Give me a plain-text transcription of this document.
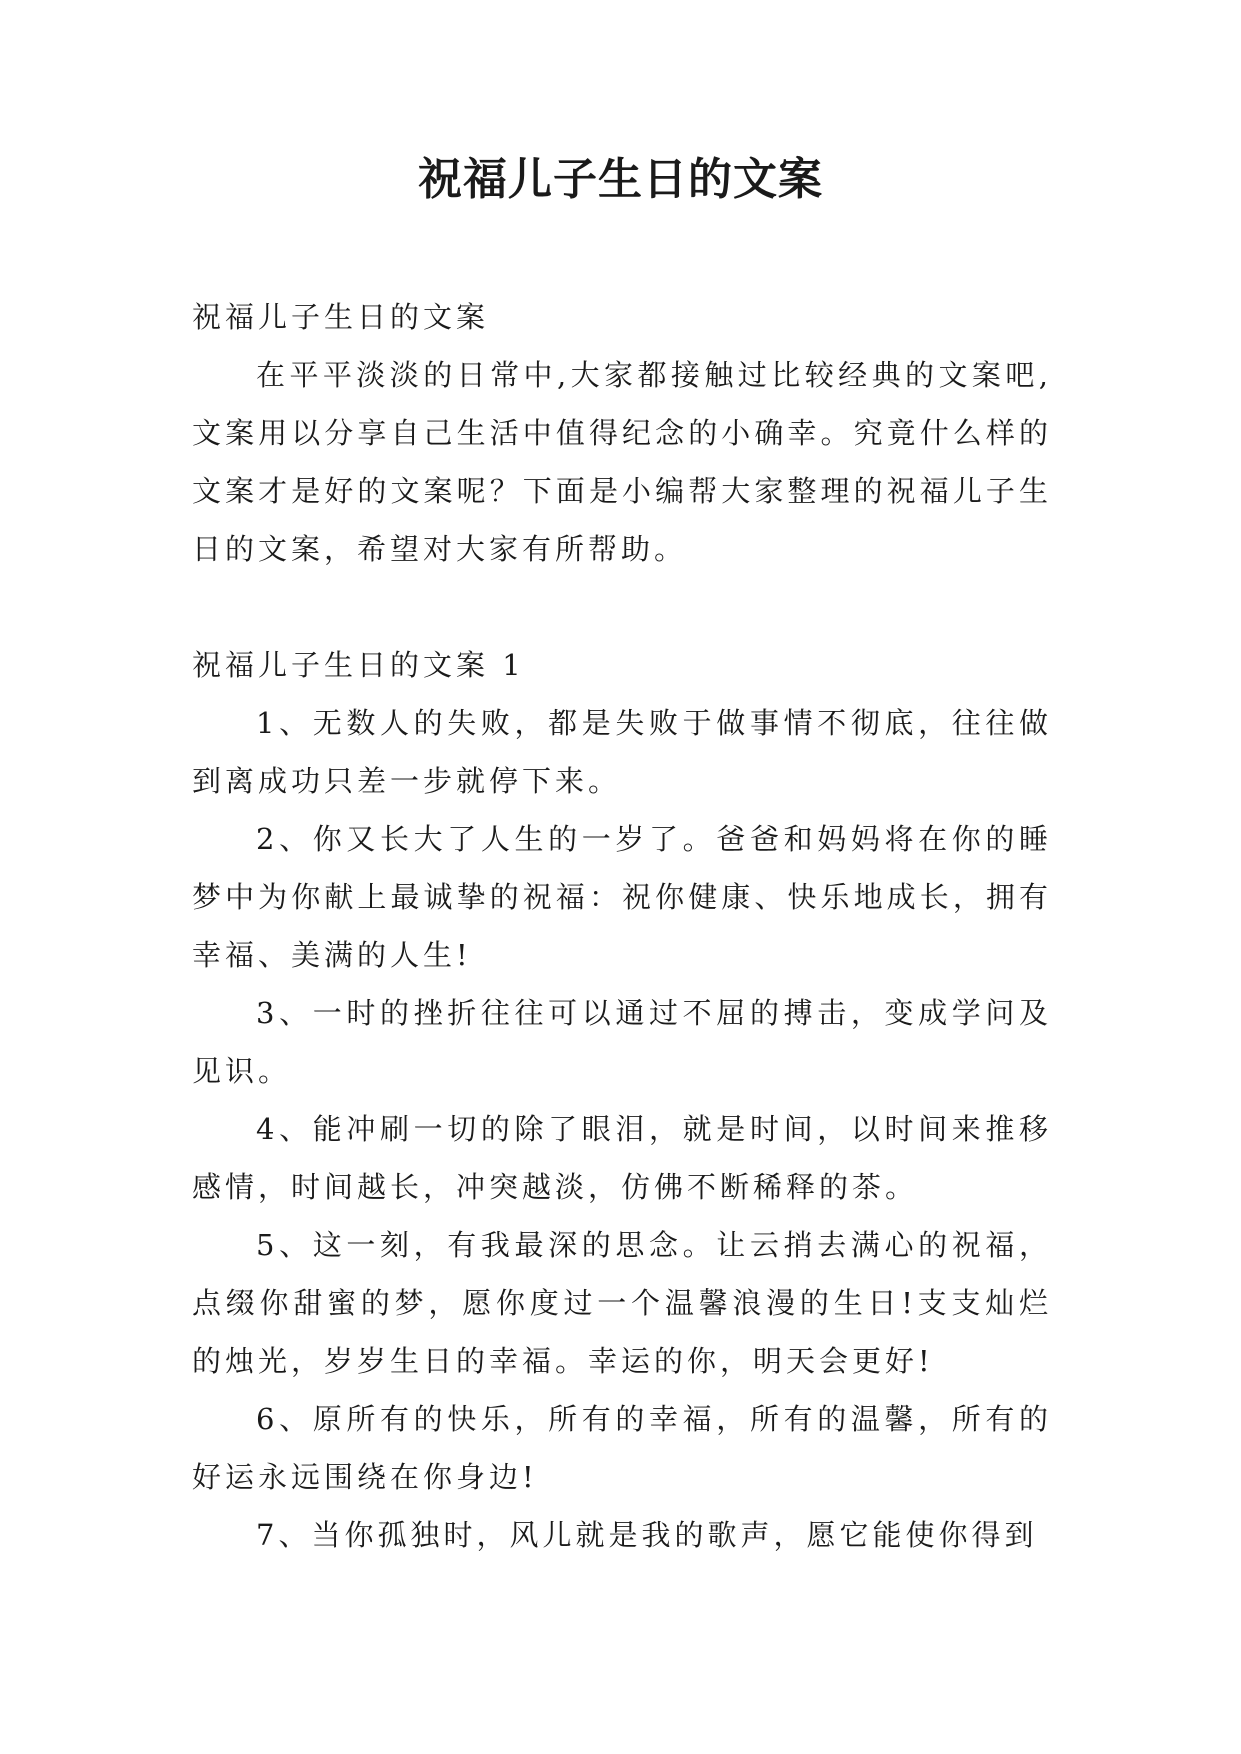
祝福儿子生日的文案

祝福儿子生日的文案

在平平淡淡的日常中,大家都接触过比较经典的文案吧,文案用以分享自己生活中值得纪念的小确幸。究竟什么样的文案才是好的文案呢？下面是小编帮大家整理的祝福儿子生日的文案，希望对大家有所帮助。

祝福儿子生日的文案 1

1、无数人的失败，都是失败于做事情不彻底，往往做到离成功只差一步就停下来。

2、你又长大了人生的一岁了。爸爸和妈妈将在你的睡梦中为你献上最诚挚的祝福：祝你健康、快乐地成长，拥有幸福、美满的人生!

3、一时的挫折往往可以通过不屈的搏击，变成学问及见识。

4、能冲刷一切的除了眼泪，就是时间，以时间来推移感情，时间越长，冲突越淡，仿佛不断稀释的茶。

5、这一刻，有我最深的思念。让云捎去满心的祝福，点缀你甜蜜的梦，愿你度过一个温馨浪漫的生日!支支灿烂的烛光，岁岁生日的幸福。幸运的你，明天会更好!

6、原所有的快乐，所有的幸福，所有的温馨，所有的好运永远围绕在你身边!

7、当你孤独时，风儿就是我的歌声，愿它能使你得到
